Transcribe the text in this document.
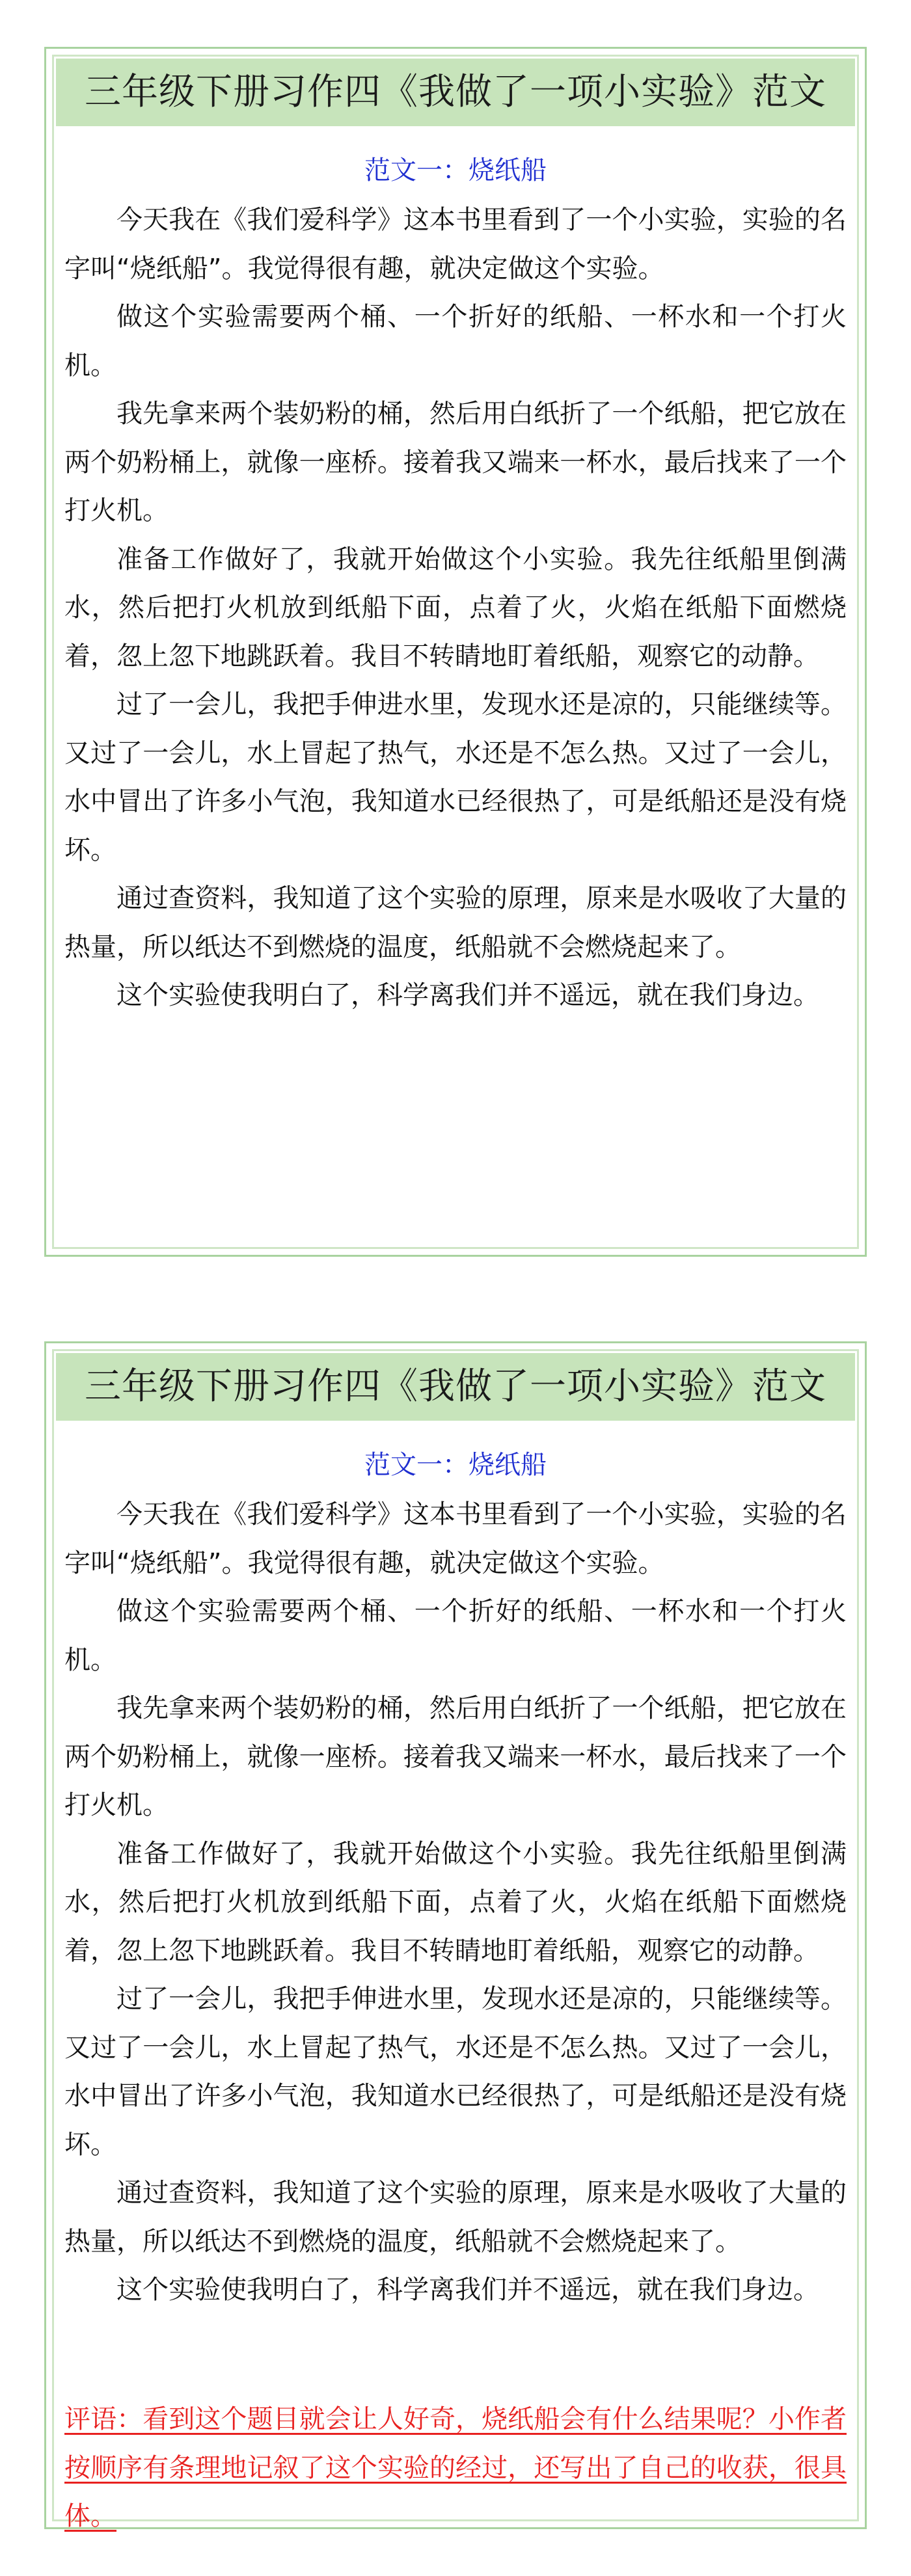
三年级下册习作四《我做了一项小实验》范文
范文一：烧纸船

今天我在《我们爱科学》这本书里看到了一个小实验，实验的名字叫“烧纸船”。我觉得很有趣，就决定做这个实验。

做这个实验需要两个桶、一个折好的纸船、一杯水和一个打火机。

我先拿来两个装奶粉的桶，然后用白纸折了一个纸船，把它放在两个奶粉桶上，就像一座桥。接着我又端来一杯水，最后找来了一个打火机。

准备工作做好了，我就开始做这个小实验。我先往纸船里倒满水，然后把打火机放到纸船下面，点着了火，火焰在纸船下面燃烧着，忽上忽下地跳跃着。我目不转睛地盯着纸船，观察它的动静。

过了一会儿，我把手伸进水里，发现水还是凉的，只能继续等。又过了一会儿，水上冒起了热气，水还是不怎么热。又过了一会儿，水中冒出了许多小气泡，我知道水已经很热了，可是纸船还是没有烧坏。

通过查资料，我知道了这个实验的原理，原来是水吸收了大量的热量，所以纸达不到燃烧的温度，纸船就不会燃烧起来了。

这个实验使我明白了，科学离我们并不遥远，就在我们身边。

三年级下册习作四《我做了一项小实验》范文
范文一：烧纸船

今天我在《我们爱科学》这本书里看到了一个小实验，实验的名字叫“烧纸船”。我觉得很有趣，就决定做这个实验。

做这个实验需要两个桶、一个折好的纸船、一杯水和一个打火机。

我先拿来两个装奶粉的桶，然后用白纸折了一个纸船，把它放在两个奶粉桶上，就像一座桥。接着我又端来一杯水，最后找来了一个打火机。

准备工作做好了，我就开始做这个小实验。我先往纸船里倒满水，然后把打火机放到纸船下面，点着了火，火焰在纸船下面燃烧着，忽上忽下地跳跃着。我目不转睛地盯着纸船，观察它的动静。

过了一会儿，我把手伸进水里，发现水还是凉的，只能继续等。又过了一会儿，水上冒起了热气，水还是不怎么热。又过了一会儿，水中冒出了许多小气泡，我知道水已经很热了，可是纸船还是没有烧坏。

通过查资料，我知道了这个实验的原理，原来是水吸收了大量的热量，所以纸达不到燃烧的温度，纸船就不会燃烧起来了。

这个实验使我明白了，科学离我们并不遥远，就在我们身边。

评语：看到这个题目就会让人好奇，烧纸船会有什么结果呢？小作者按顺序有条理地记叙了这个实验的经过，还写出了自己的收获，很具体。
